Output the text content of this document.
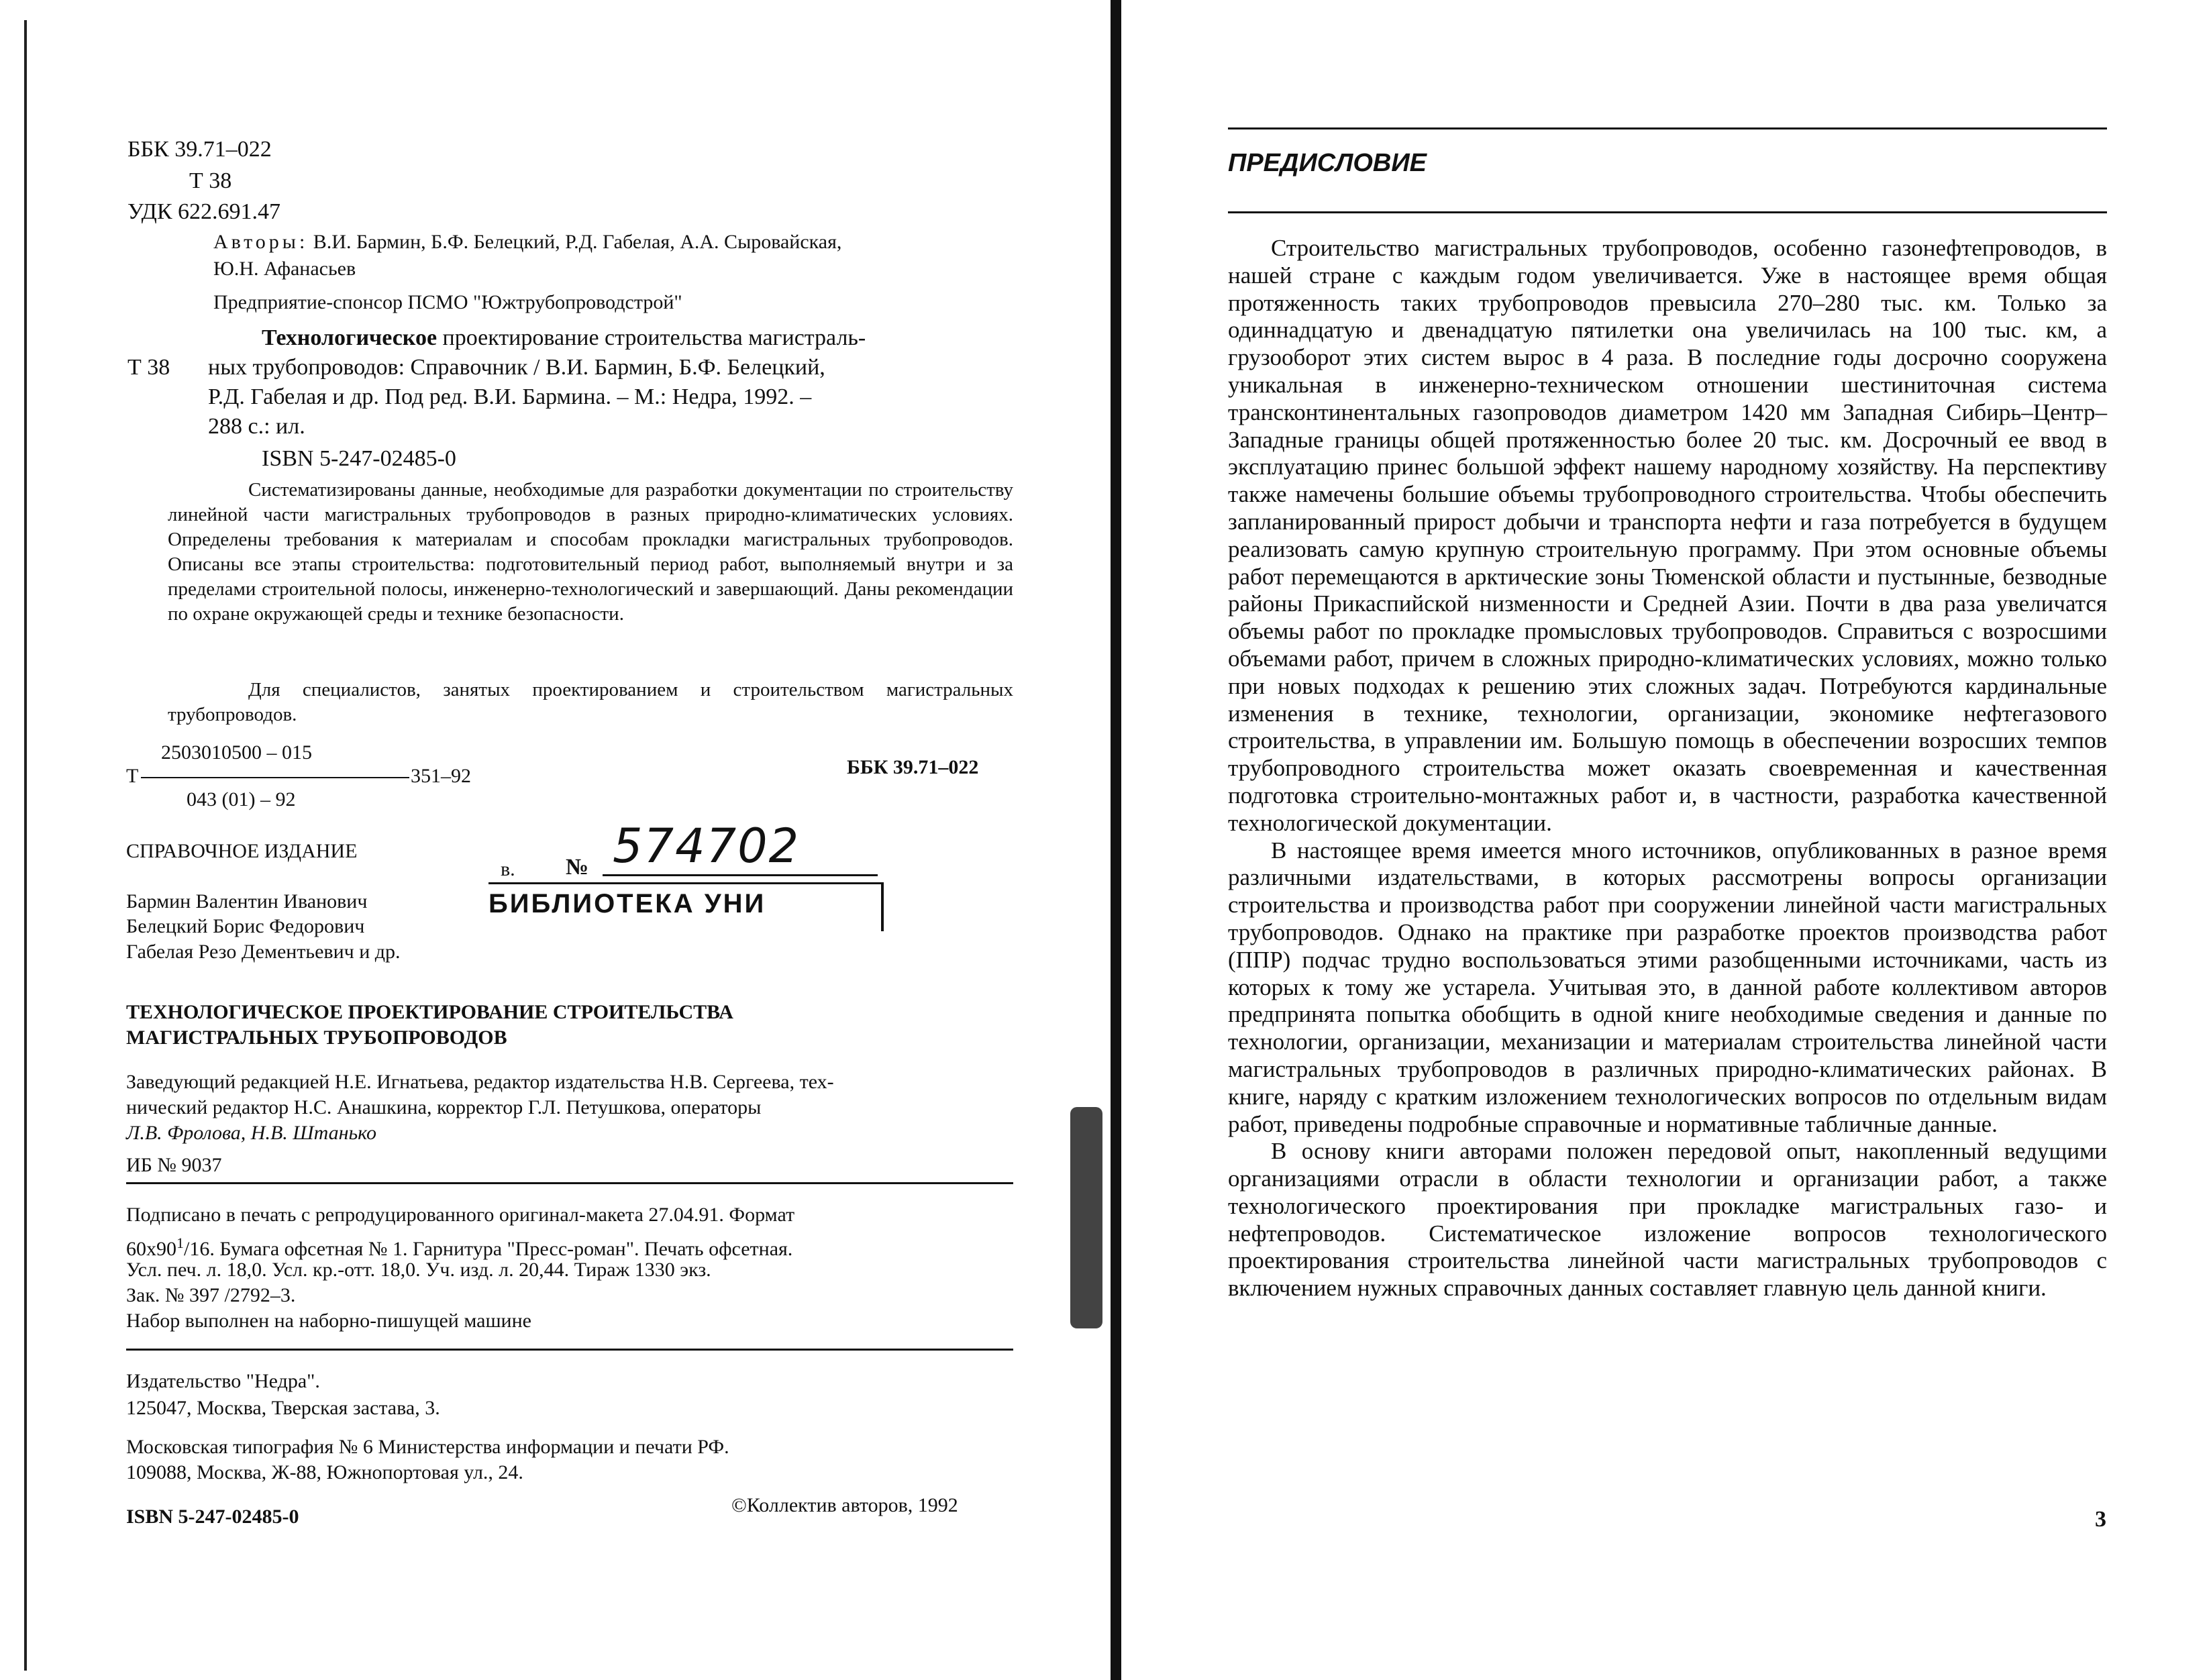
ББК 39.71–022
Т 38
УДК 622.691.47
Авторы: В.И. Бармин, Б.Ф. Белецкий, Р.Д. Габелая, А.А. Сыровайская,
Ю.Н. Афанасьев
Предприятие-спонсор ПСМО "Южтрубопроводстрой"
Т 38
Технологическое проектирование строительства магистраль-
ных трубопроводов: Справочник / В.И. Бармин, Б.Ф. Белецкий,
Р.Д. Габелая и др. Под ред. В.И. Бармина. – М.: Недра, 1992. –
288 с.: ил.
ISBN 5-247-02485-0
Систематизированы данные, необходимые для разработки документации по строительству линейной части магистральных трубопроводов в разных природно-климатических условиях. Определены требования к материалам и способам прокладки магистральных трубопроводов. Описаны все этапы строительства: подготовительный период работ, выполняемый внутри и за пределами строительной полосы, инженерно-технологический и завершающий. Даны рекомендации по охране окружающей среды и технике безопасности.
Для специалистов, занятых проектированием и строительством магистральных трубопроводов.
Т
2503010500 – 015
351–92
043 (01) – 92
ББК 39.71–022
СПРАВОЧНОЕ ИЗДАНИЕ
в. № 574702
БИБЛИОТЕКА УНИ
Бармин Валентин Иванович
Белецкий Борис Федорович
Габелая Резо Дементьевич и др.
ТЕХНОЛОГИЧЕСКОЕ ПРОЕКТИРОВАНИЕ СТРОИТЕЛЬСТВА
МАГИСТРАЛЬНЫХ ТРУБОПРОВОДОВ
Заведующий редакцией Н.Е. Игнатьева, редактор издательства Н.В. Сергеева, тех-
нический редактор Н.С. Анашкина, корректор Г.Л. Петушкова, операторы
Л.В. Фролова, Н.В. Штанько
ИБ № 9037
Подписано в печать с репродуцированного оригинал-макета 27.04.91. Формат
$60x90^1/16$. Бумага офсетная № 1. Гарнитура "Пресс-роман". Печать офсетная.
Усл. печ. л. 18,0. Усл. кр.-отт. 18,0. Уч. изд. л. 20,44. Тираж 1330 экз.
Зак. № 397 /2792–3.
Набор выполнен на наборно-пишущей машине
Издательство "Недра".
125047, Москва, Тверская застава, 3.
Московская типография № 6 Министерства информации и печати РФ.
109088, Москва, Ж-88, Южнопортовая ул., 24.
ISBN 5-247-02485-0
©Коллектив авторов, 1992
ПРЕДИСЛОВИЕ

Строительство магистральных трубопроводов, особенно газонефтепроводов, в нашей стране с каждым годом увеличивается. Уже в настоящее время общая протяженность таких трубопроводов превысила 270–280 тыс. км. Только за одиннадцатую и двенадцатую пятилетки она увеличилась на 100 тыс. км, а грузооборот этих систем вырос в 4 раза. В последние годы досрочно сооружена уникальная в инженерно-техническом отношении шестиниточная система трансконтинентальных газопроводов диаметром 1420 мм Западная Сибирь–Центр–Западные границы общей протяженностью более 20 тыс. км. Досрочный ее ввод в эксплуатацию принес большой эффект нашему народному хозяйству. На перспективу также намечены большие объемы трубопроводного строительства. Чтобы обеспечить запланированный прирост добычи и транспорта нефти и газа потребуется в будущем реализовать самую крупную строительную программу. При этом основные объемы работ перемещаются в арктические зоны Тюменской области и пустынные, безводные районы Прикаспийской низменности и Средней Азии. Почти в два раза увеличатся объемы работ по прокладке промысловых трубопроводов. Справиться с возросшими объемами работ, причем в сложных природно-климатических условиях, можно только при новых подходах к решению этих сложных задач. Потребуются кардинальные изменения в технике, технологии, организации, экономике нефтегазового строительства, в управлении им. Большую помощь в обеспечении возросших темпов трубопроводного строительства может оказать своевременная и качественная подготовка строительно-монтажных работ и, в частности, разработка качественной технологической документации.

В настоящее время имеется много источников, опубликованных в разное время различными издательствами, в которых рассмотрены вопросы организации строительства и производства работ при сооружении линейной части магистральных трубопроводов. Однако на практике при разработке проектов производства работ (ППР) подчас трудно воспользоваться этими разобщенными источниками, часть из которых к тому же устарела. Учитывая это, в данной работе коллективом авторов предпринята попытка обобщить в одной книге необходимые сведения и данные по технологии, организации, механизации и материалам строительства линейной части магистральных трубопроводов в различных природно-климатических районах. В книге, наряду с кратким изложением технологических вопросов по отдельным видам работ, приведены подробные справочные и нормативные табличные данные.

В основу книги авторами положен передовой опыт, накопленный ведущими организациями отрасли в области технологии и организации работ, а также технологического проектирования при прокладке магистральных газо- и нефтепроводов. Систематическое изложение вопросов технологического проектирования строительства линейной части магистральных трубопроводов с включением нужных справочных данных составляет главную цель данной книги.

3
